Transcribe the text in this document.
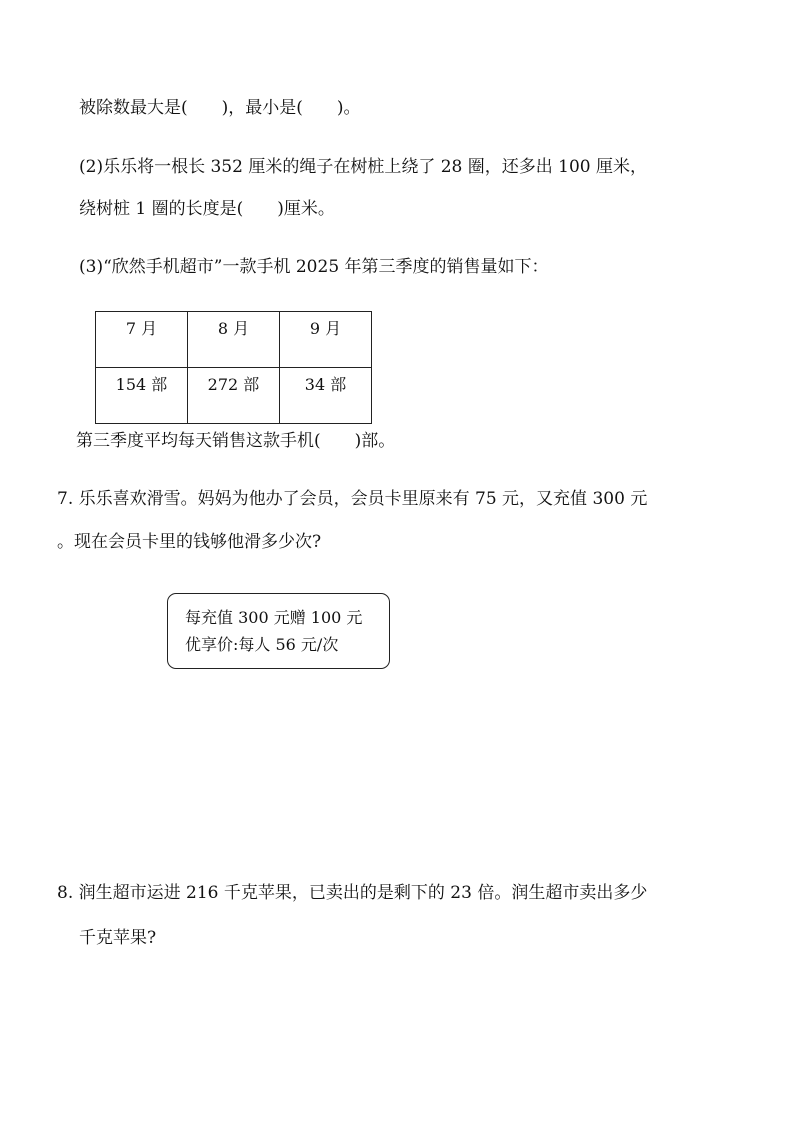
被除数最大是(　　)，最小是(　　)。
(2)乐乐将一根长 352 厘米的绳子在树桩上绕了 28 圈，还多出 100 厘米，
绕树桩 1 圈的长度是(　　)厘米。
(3)“欣然手机超市”一款手机 2025 年第三季度的销售量如下：
7 月	8 月	9 月
154 部	272 部	34 部
第三季度平均每天销售这款手机(　　)部。
7. 乐乐喜欢滑雪。妈妈为他办了会员，会员卡里原来有 75 元，又充值 300 元
。现在会员卡里的钱够他滑多少次?
每充值 300 元赠 100 元
优享价:每人 56 元/次
8. 润生超市运进 216 千克苹果，已卖出的是剩下的 23 倍。润生超市卖出多少
千克苹果?
